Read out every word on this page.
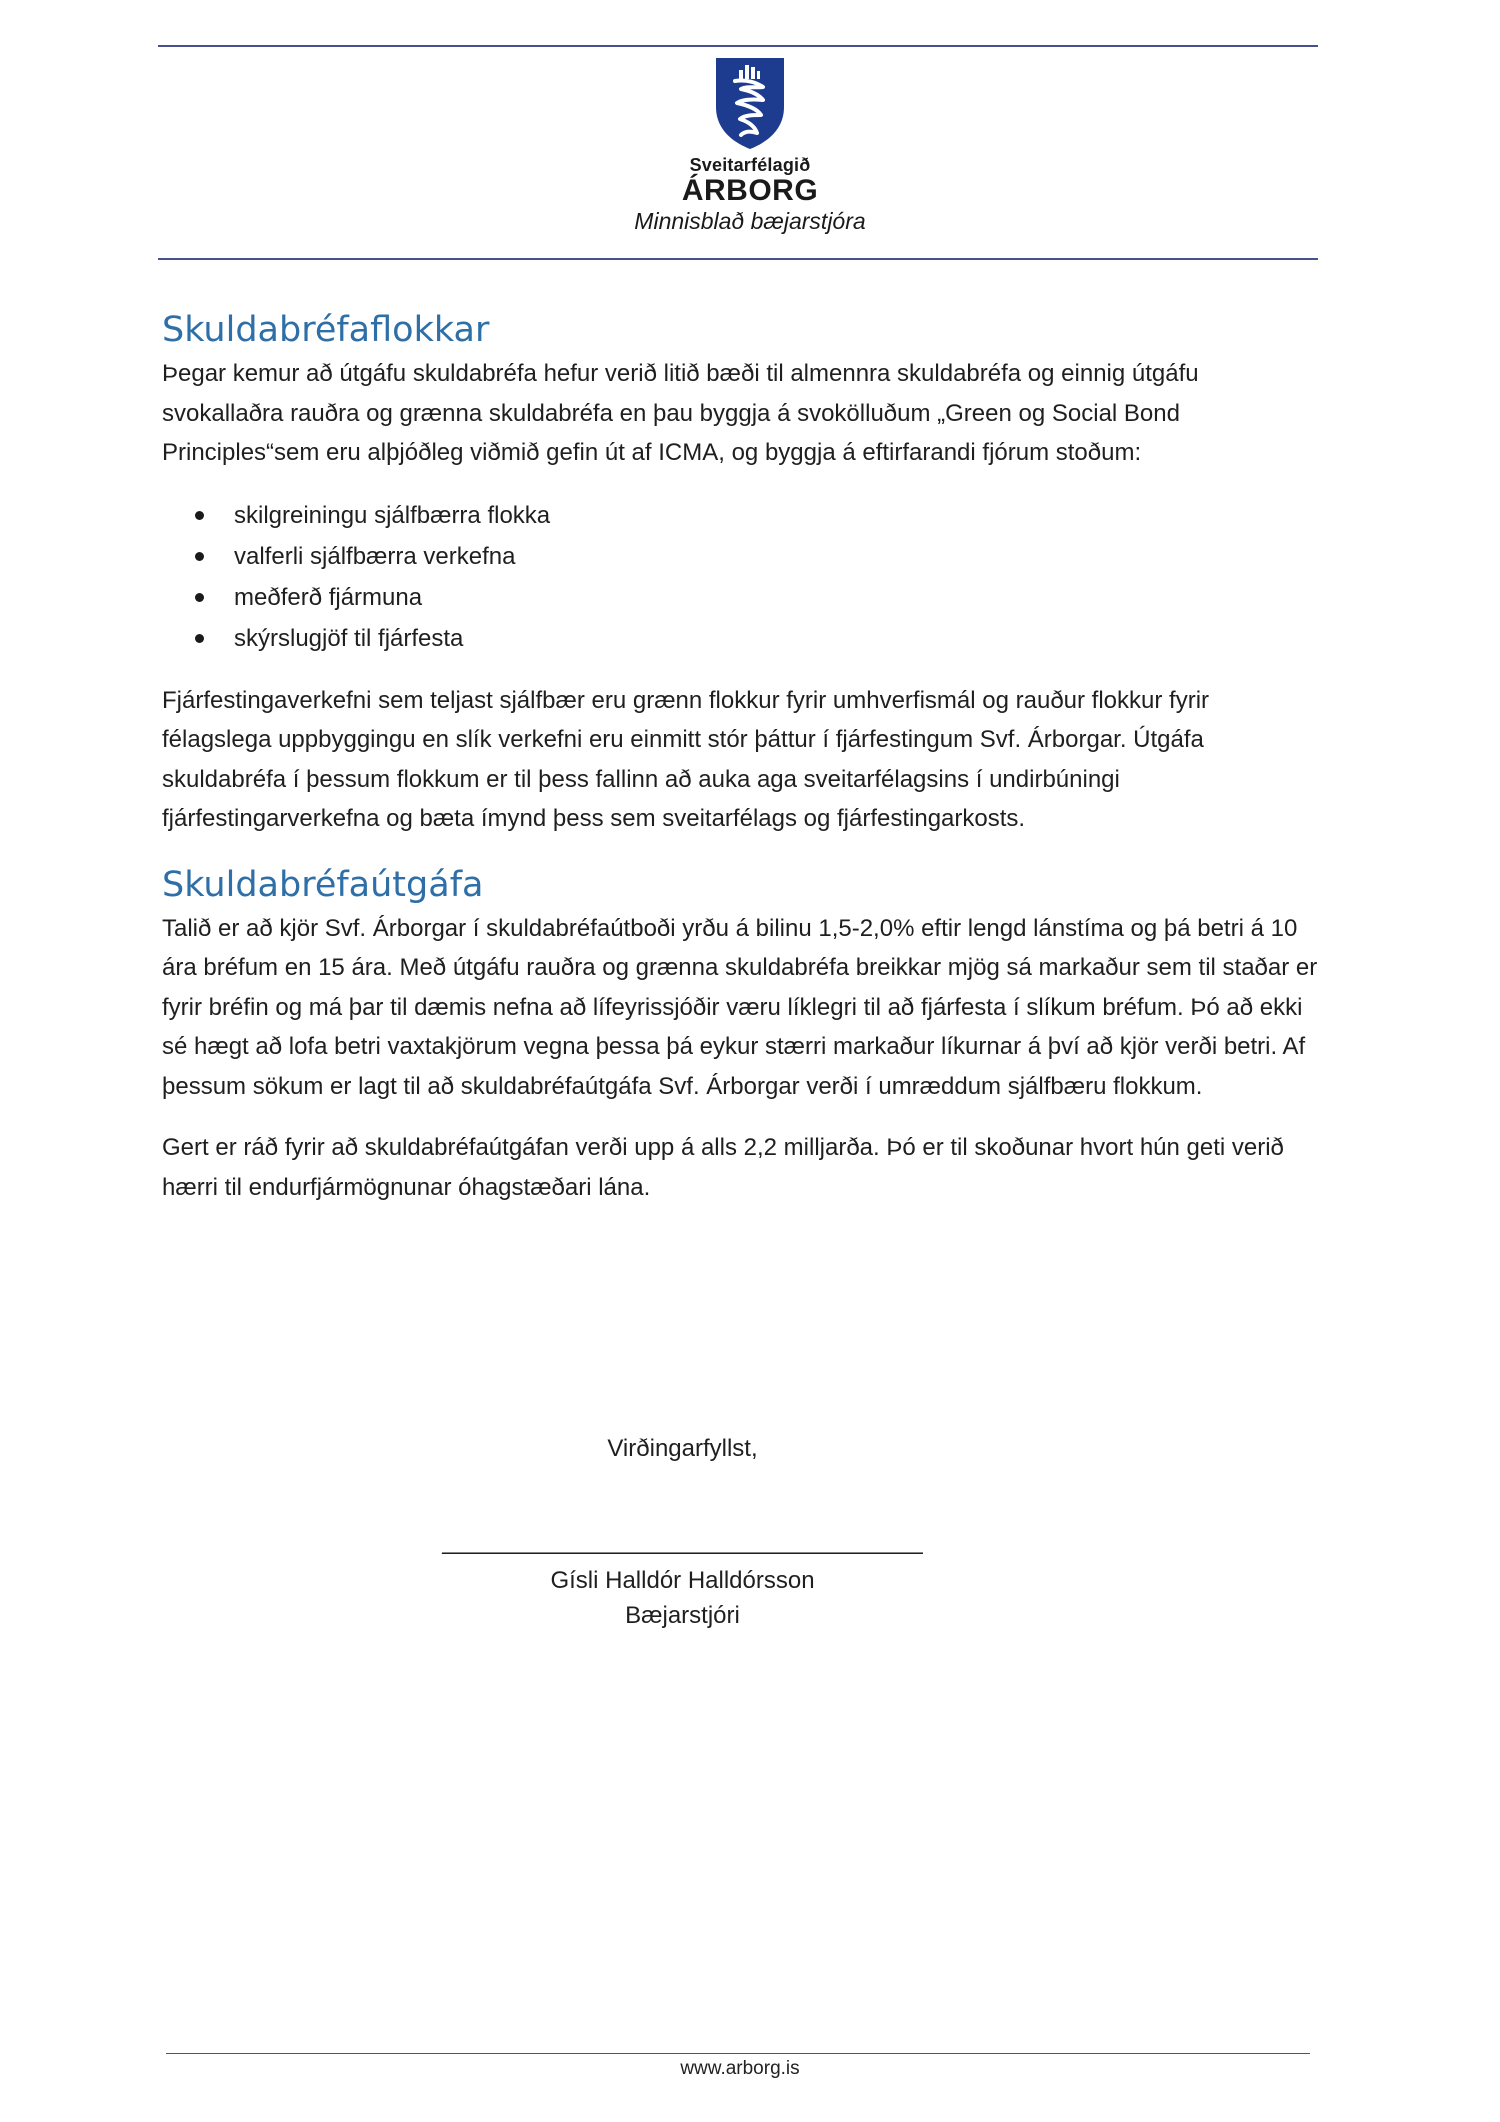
Sveitarfélagið
ÁRBORG
Minnisblað bæjarstjóra
Skuldabréfaflokkar

Þegar kemur að útgáfu skuldabréfa hefur verið litið bæði til almennra skuldabréfa og einnig útgáfu svokallaðra rauðra og grænna skuldabréfa en þau byggja á svokölluðum „Green og Social Bond Principles“sem eru alþjóðleg viðmið gefin út af ICMA, og byggja á eftirfarandi fjórum stoðum:

skilgreiningu sjálfbærra flokka
valferli sjálfbærra verkefna
meðferð fjármuna
skýrslugjöf til fjárfesta

Fjárfestingaverkefni sem teljast sjálfbær eru grænn flokkur fyrir umhverfismál og rauður flokkur fyrir félagslega uppbyggingu en slík verkefni eru einmitt stór þáttur í fjárfestingum Svf. Árborgar. Útgáfa skuldabréfa í þessum flokkum er til þess fallinn að auka aga sveitarfélagsins í undirbúningi fjárfestingarverkefna og bæta ímynd þess sem sveitarfélags og fjárfestingarkosts.

Skuldabréfaútgáfa

Talið er að kjör Svf. Árborgar í skuldabréfaútboði yrðu á bilinu 1,5-2,0% eftir lengd lánstíma og þá betri á 10 ára bréfum en 15 ára. Með útgáfu rauðra og grænna skuldabréfa breikkar mjög sá markaður sem til staðar er fyrir bréfin og má þar til dæmis nefna að lífeyrissjóðir væru líklegri til að fjárfesta í slíkum bréfum. Þó að ekki sé hægt að lofa betri vaxtakjörum vegna þessa þá eykur stærri markaður líkurnar á því að kjör verði betri. Af þessum sökum er lagt til að skuldabréfaútgáfa Svf. Árborgar verði í umræddum sjálfbæru flokkum.

Gert er ráð fyrir að skuldabréfaútgáfan verði upp á alls 2,2 milljarða. Þó er til skoðunar hvort hún geti verið hærri til endurfjármögnunar óhagstæðari lána.

Virðingarfyllst,
____________________________________
Gísli Halldór Halldórsson
Bæjarstjóri
www.arborg.is
